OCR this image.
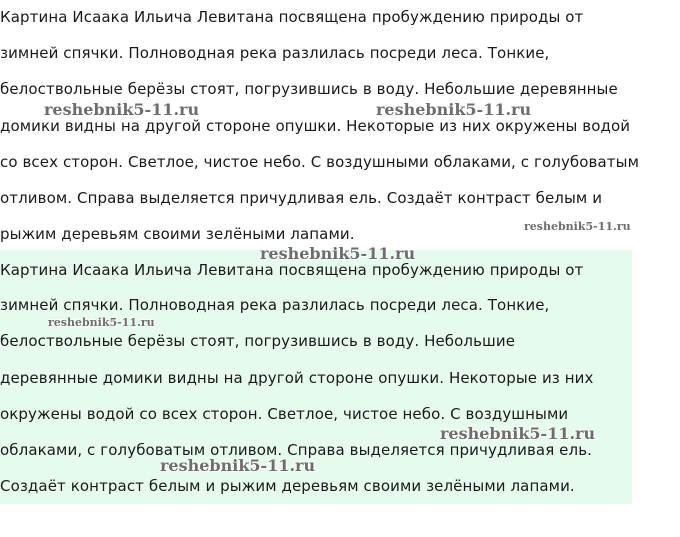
Картина Исаака Ильича Левитана посвящена пробуждению природы от
зимней спячки. Полноводная река разлилась посреди леса. Тонкие,
белоствольные берёзы стоят, погрузившись в воду. Небольшие деревянные
домики видны на другой стороне опушки. Некоторые из них окружены водой
со всех сторон. Светлое, чистое небо. С воздушными облаками, с голубоватым
отливом. Справа выделяется причудливая ель. Создаёт контраст белым и
рыжим деревьям своими зелёными лапами.
Картина Исаака Ильича Левитана посвящена пробуждению природы от
зимней спячки. Полноводная река разлилась посреди леса. Тонкие,
белоствольные берёзы стоят, погрузившись в воду. Небольшие
деревянные домики видны на другой стороне опушки. Некоторые из них
окружены водой со всех сторон. Светлое, чистое небо. С воздушными
облаками, с голубоватым отливом. Справа выделяется причудливая ель.
Создаёт контраст белым и рыжим деревьям своими зелёными лапами.
reshebnik5-11.ru	reshebnik5-11.ru
reshebnik5-11.ru
reshebnik5-11.ru
reshebnik5-11.ru
reshebnik5-11.ru
reshebnik5-11.ru
